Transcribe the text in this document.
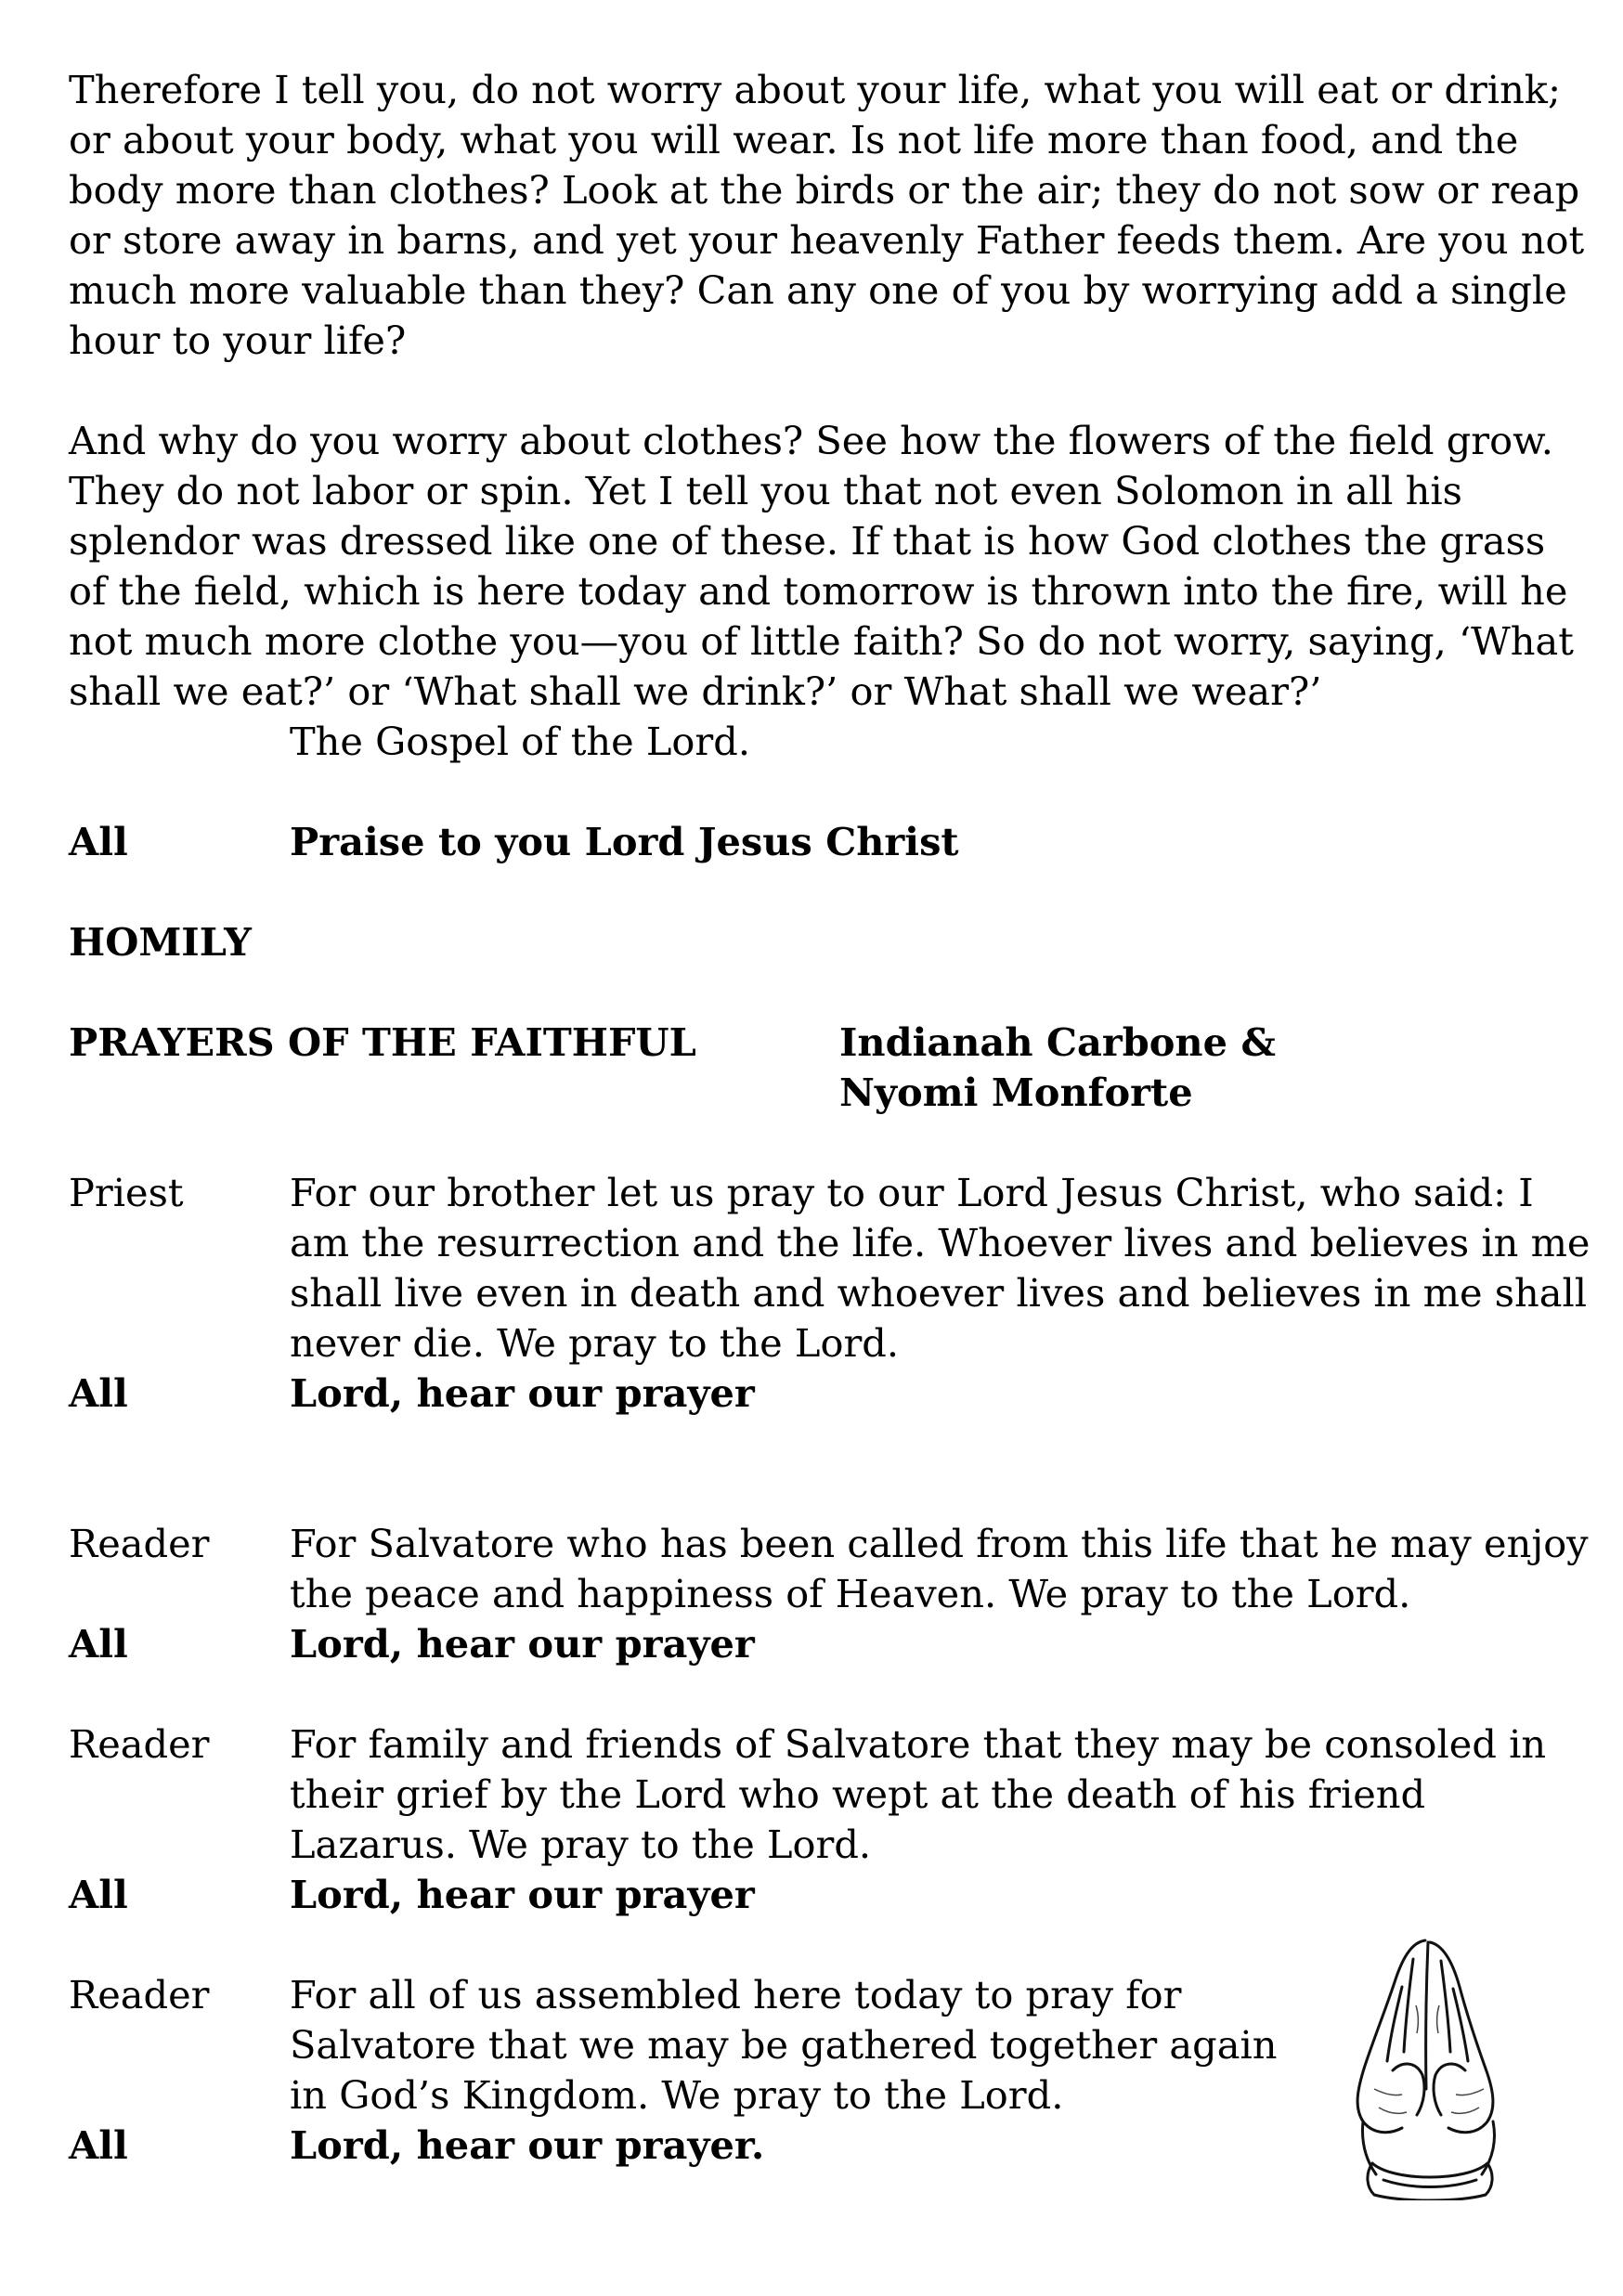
Therefore I tell you, do not worry about your life, what you will eat or drink; or about your body, what you will wear. Is not life more than food, and the body more than clothes? Look at the birds or the air; they do not sow or reap or store away in barns, and yet your heavenly Father feeds them. Are you not much more valuable than they? Can any one of you by worrying add a single hour to your life?

And why do you worry about clothes? See how the flowers of the field grow. They do not labor or spin. Yet I tell you that not even Solomon in all his splendor was dressed like one of these. If that is how God clothes the grass of the field, which is here today and tomorrow is thrown into the fire, will he not much more clothe you—you of little faith? So do not worry, saying, ‘What shall we eat?’ or ‘What shall we drink?’ or What shall we wear?’

The Gospel of the Lord.

All	Praise to you Lord Jesus Christ

HOMILY

PRAYERS OF THE FAITHFUL	Indianah Carbone &
Nyomi Monforte
Priest	For our brother let us pray to our Lord Jesus Christ, who said: I am the resurrection and the life. Whoever lives and believes in me shall live even in death and whoever lives and believes in me shall never die. We pray to the Lord.
All	Lord, hear our prayer
Reader	For Salvatore who has been called from this life that he may enjoy the peace and happiness of Heaven. We pray to the Lord.
All	Lord, hear our prayer
Reader	For family and friends of Salvatore that they may be consoled in their grief by the Lord who wept at the death of his friend Lazarus. We pray to the Lord.
All	Lord, hear our prayer
Reader	For all of us assembled here today to pray for Salvatore that we may be gathered together again in God’s Kingdom. We pray to the Lord.
All	Lord, hear our prayer.
